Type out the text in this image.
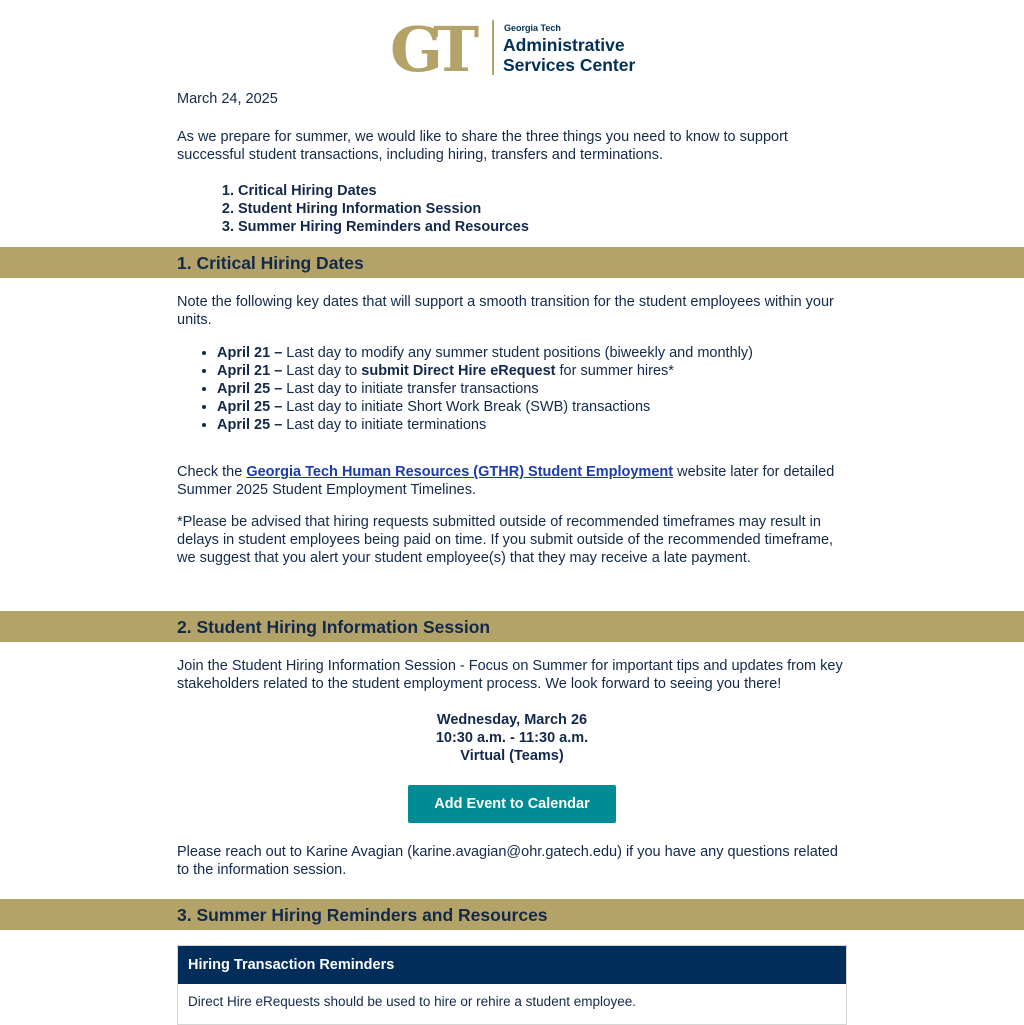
GT	Georgia Tech
Administrative
Services Center
March 24, 2025

As we prepare for summer, we would like to share the three things you need to know to support successful student transactions, including hiring, transfers and terminations.

1. Critical Hiring Dates
2. Student Hiring Information Session
3. Summer Hiring Reminders and Resources
1. Critical Hiring Dates

Note the following key dates that will support a smooth transition for the student employees within your units.

• April 21 – Last day to modify any summer student positions (biweekly and monthly)
• April 21 – Last day to submit Direct Hire eRequest for summer hires*
• April 25 – Last day to initiate transfer transactions
• April 25 – Last day to initiate Short Work Break (SWB) transactions
• April 25 – Last day to initiate terminations

Check the Georgia Tech Human Resources (GTHR) Student Employment website later for detailed Summer 2025 Student Employment Timelines.

*Please be advised that hiring requests submitted outside of recommended timeframes may result in delays in student employees being paid on time. If you submit outside of the recommended timeframe, we suggest that you alert your student employee(s) that they may receive a late payment.

2. Student Hiring Information Session

Join the Student Hiring Information Session - Focus on Summer for important tips and updates from key stakeholders related to the student employment process. We look forward to seeing you there!

Wednesday, March 26
10:30 a.m. - 11:30 a.m.
Virtual (Teams)
Add Event to Calendar

Please reach out to Karine Avagian (karine.avagian@ohr.gatech.edu) if you have any questions related to the information session.

3. Summer Hiring Reminders and Resources
Hiring Transaction Reminders
Direct Hire eRequests should be used to hire or rehire a student employee.
